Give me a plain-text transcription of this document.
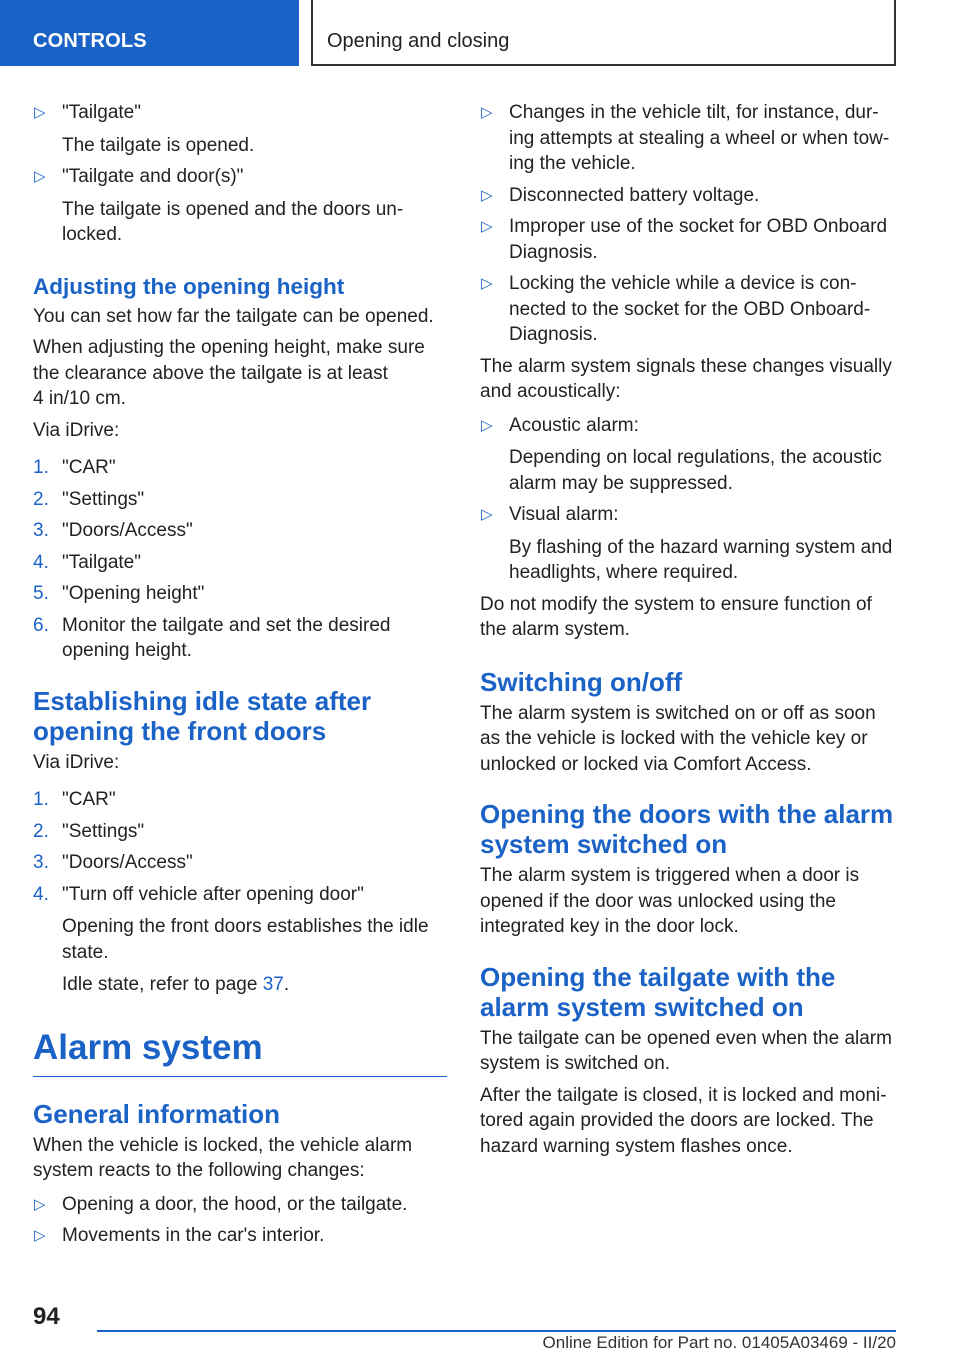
CONTROLS	Opening and closing
▷ "Tailgate"
The tailgate is opened.
▷ "Tailgate and door(s)"
The tailgate is opened and the doors un-locked.
Adjusting the opening height

You can set how far the tailgate can be opened.

When adjusting the opening height, make sure the clearance above the tailgate is at least
4 in/10 cm.

Via iDrive:

1. "CAR"
2. "Settings"
3. "Doors/Access"
4. "Tailgate"
5. "Opening height"
6. Monitor the tailgate and set the desired opening height.
Establishing idle state after opening the front doors

Via iDrive:

1. "CAR"
2. "Settings"
3. "Doors/Access"
4. "Turn off vehicle after opening door"
Opening the front doors establishes the idle state.
Idle state, refer to page 37.
Alarm system
General information

When the vehicle is locked, the vehicle alarm system reacts to the following changes:

▷ Opening a door, the hood, or the tailgate.
▷ Movements in the car's interior.
▷ Changes in the vehicle tilt, for instance, dur-ing attempts at stealing a wheel or when tow-ing the vehicle.
▷ Disconnected battery voltage.
▷ Improper use of the socket for OBD Onboard Diagnosis.
▷ Locking the vehicle while a device is con-nected to the socket for the OBD Onboard-Diagnosis.

The alarm system signals these changes visually and acoustically:

▷ Acoustic alarm:
Depending on local regulations, the acoustic alarm may be suppressed.
▷ Visual alarm:
By flashing of the hazard warning system and headlights, where required.

Do not modify the system to ensure function of the alarm system.

Switching on/off

The alarm system is switched on or off as soon as the vehicle is locked with the vehicle key or unlocked or locked via Comfort Access.

Opening the doors with the alarm system switched on

The alarm system is triggered when a door is opened if the door was unlocked using the integrated key in the door lock.

Opening the tailgate with the alarm system switched on

The tailgate can be opened even when the alarm system is switched on.

After the tailgate is closed, it is locked and moni-tored again provided the doors are locked. The hazard warning system flashes once.

94
Online Edition for Part no. 01405A03469 - II/20
